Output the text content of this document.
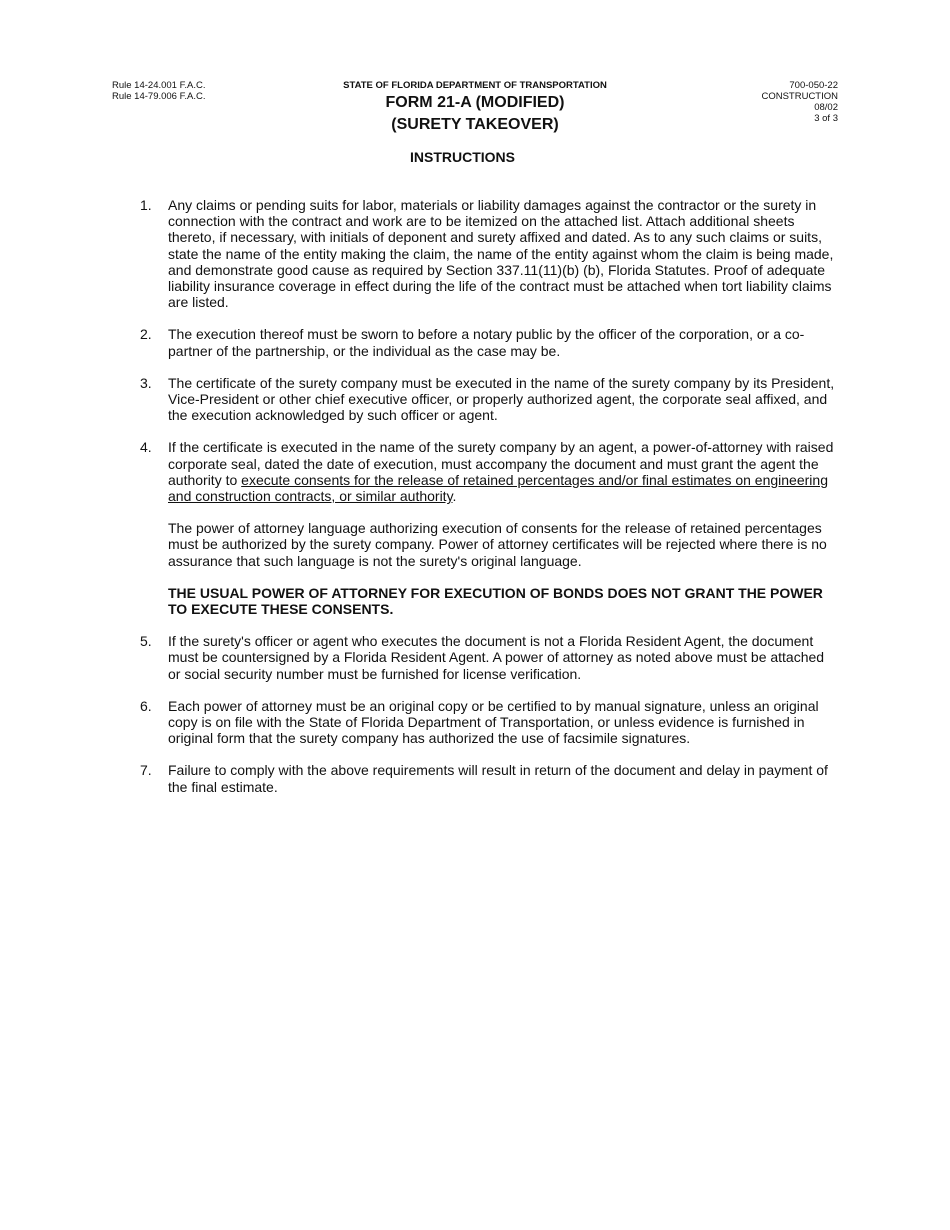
Rule 14-24.001 F.A.C.
Rule 14-79.006 F.A.C.
STATE OF FLORIDA DEPARTMENT OF TRANSPORTATION
FORM 21-A (MODIFIED)
(SURETY TAKEOVER)
700-050-22
CONSTRUCTION
08/02
3 of 3
INSTRUCTIONS
1.	Any claims or pending suits for labor, materials or liability damages against the contractor or the surety in connection with the contract and work are to be itemized on the attached list. Attach additional sheets thereto, if necessary, with initials of deponent and surety affixed and dated. As to any such claims or suits, state the name of the entity making the claim, the name of the entity against whom the claim is being made, and demonstrate good cause as required by Section 337.11(11)(b) (b), Florida Statutes. Proof of adequate liability insurance coverage in effect during the life of the contract must be attached when tort liability claims are listed.

2.	The execution thereof must be sworn to before a notary public by the officer of the corporation, or a co-partner of the partnership, or the individual as the case may be.

3.	The certificate of the surety company must be executed in the name of the surety company by its President, Vice-President or other chief executive officer, or properly authorized agent, the corporate seal affixed, and the execution acknowledged by such officer or agent.

4.	If the certificate is executed in the name of the surety company by an agent, a power-of-attorney with raised corporate seal, dated the date of execution, must accompany the document and must grant the agent the authority to execute consents for the release of retained percentages and/or final estimates on engineering and construction contracts, or similar authority.

The power of attorney language authorizing execution of consents for the release of retained percentages must be authorized by the surety company. Power of attorney certificates will be rejected where there is no assurance that such language is not the surety's original language.

THE USUAL POWER OF ATTORNEY FOR EXECUTION OF BONDS DOES NOT GRANT THE POWER TO EXECUTE THESE CONSENTS.

5.	If the surety's officer or agent who executes the document is not a Florida Resident Agent, the document must be countersigned by a Florida Resident Agent. A power of attorney as noted above must be attached or social security number must be furnished for license verification.

6.	Each power of attorney must be an original copy or be certified to by manual signature, unless an original copy is on file with the State of Florida Department of Transportation, or unless evidence is furnished in original form that the surety company has authorized the use of facsimile signatures.

7.	Failure to comply with the above requirements will result in return of the document and delay in payment of the final estimate.
